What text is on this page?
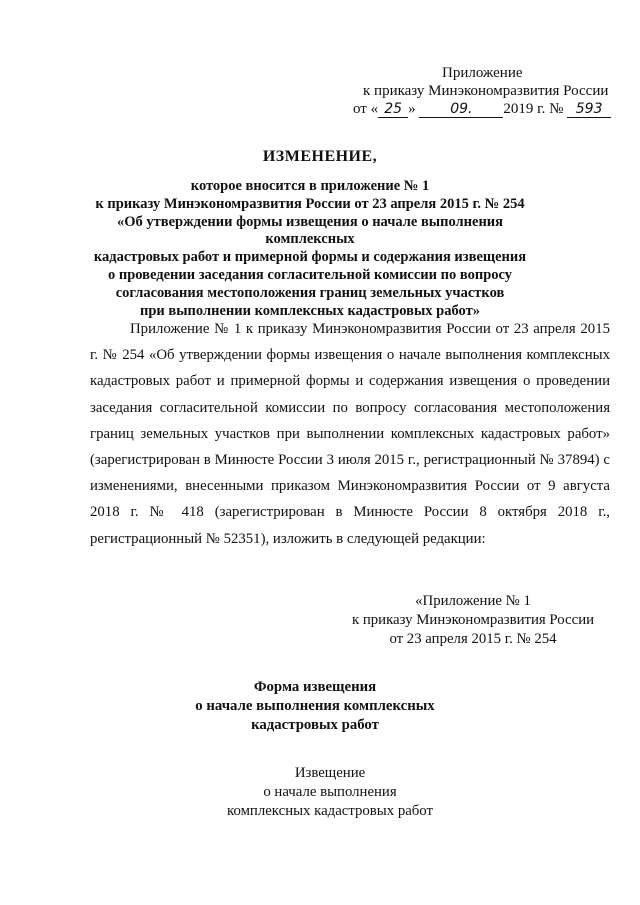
Приложение
к приказу Минэкономразвития России
от « 25 » 09. 2019 г. № 593
ИЗМЕНЕНИЕ,
которое вносится в приложение № 1
к приказу Минэкономразвития России от 23 апреля 2015 г. № 254
«Об утверждении формы извещения о начале выполнения комплексных
кадастровых работ и примерной формы и содержания извещения
о проведении заседания согласительной комиссии по вопросу
согласования местоположения границ земельных участков
при выполнении комплексных кадастровых работ»

Приложение № 1 к приказу Минэкономразвития России от 23 апреля 2015 г. № 254 «Об утверждении формы извещения о начале выполнения комплексных кадастровых работ и примерной формы и содержания извещения о проведении заседания согласительной комиссии по вопросу согласования местоположения границ земельных участков при выполнении комплексных кадастровых работ» (зарегистрирован в Минюсте России 3 июля 2015 г., регистрационный № 37894) с изменениями, внесенными приказом Минэкономразвития России от 9 августа 2018 г. № 418 (зарегистрирован в Минюсте России 8 октября 2018 г., регистрационный № 52351), изложить в следующей редакции:

«Приложение № 1
к приказу Минэкономразвития России
от 23 апреля 2015 г. № 254
Форма извещения
о начале выполнения комплексных
кадастровых работ
Извещение
о начале выполнения
комплексных кадастровых работ
